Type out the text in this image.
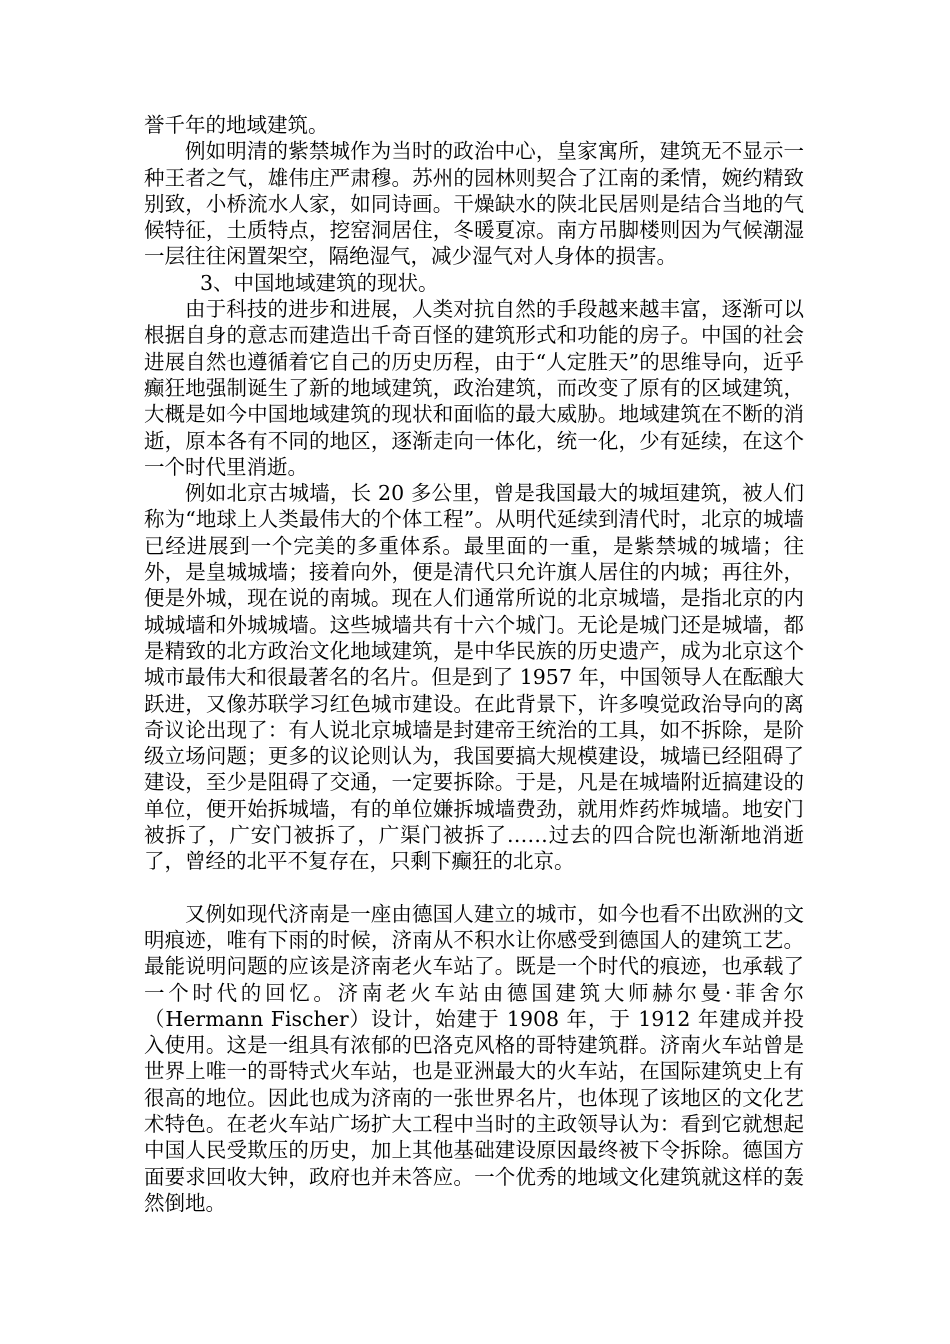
誉千年的地域建筑。

例如明清的紫禁城作为当时的政治中心，皇家寓所，建筑无不显示一种王者之气，雄伟庄严肃穆。苏州的园林则契合了江南的柔情，婉约精致别致，小桥流水人家，如同诗画。干燥缺水的陕北民居则是结合当地的气候特征，土质特点，挖窑洞居住，冬暖夏凉。南方吊脚楼则因为气候潮湿一层往往闲置架空，隔绝湿气，减少湿气对人身体的损害。

3、中国地域建筑的现状。

由于科技的进步和进展，人类对抗自然的手段越来越丰富，逐渐可以根据自身的意志而建造出千奇百怪的建筑形式和功能的房子。中国的社会进展自然也遵循着它自己的历史历程，由于“人定胜天”的思维导向，近乎癫狂地强制诞生了新的地域建筑，政治建筑，而改变了原有的区域建筑，大概是如今中国地域建筑的现状和面临的最大威胁。地域建筑在不断的消逝，原本各有不同的地区，逐渐走向一体化，统一化，少有延续，在这个一个时代里消逝。

例如北京古城墙，长 20 多公里，曾是我国最大的城垣建筑，被人们称为“地球上人类最伟大的个体工程”。从明代延续到清代时，北京的城墙已经进展到一个完美的多重体系。最里面的一重，是紫禁城的城墙；往外，是皇城城墙；接着向外，便是清代只允许旗人居住的内城；再往外，便是外城，现在说的南城。现在人们通常所说的北京城墙，是指北京的内城城墙和外城城墙。这些城墙共有十六个城门。无论是城门还是城墙，都是精致的北方政治文化地域建筑，是中华民族的历史遗产，成为北京这个城市最伟大和很最著名的名片。但是到了 1957 年，中国领导人在酝酿大跃进，又像苏联学习红色城市建设。在此背景下，许多嗅觉政治导向的离奇议论出现了：有人说北京城墙是封建帝王统治的工具，如不拆除，是阶级立场问题；更多的议论则认为，我国要搞大规模建设，城墙已经阻碍了建设，至少是阻碍了交通，一定要拆除。于是，凡是在城墙附近搞建设的单位，便开始拆城墙，有的单位嫌拆城墙费劲，就用炸药炸城墙。地安门被拆了，广安门被拆了，广渠门被拆了……过去的四合院也渐渐地消逝了，曾经的北平不复存在，只剩下癫狂的北京。

又例如现代济南是一座由德国人建立的城市，如今也看不出欧洲的文明痕迹，唯有下雨的时候，济南从不积水让你感受到德国人的建筑工艺。最能说明问题的应该是济南老火车站了。既是一个时代的痕迹，也承载了一个时代的回忆。济南老火车站由德国建筑大师赫尔曼·菲舍尔（Hermann Fischer）设计，始建于 1908 年，于 1912 年建成并投入使用。这是一组具有浓郁的巴洛克风格的哥特建筑群。济南火车站曾是世界上唯一的哥特式火车站，也是亚洲最大的火车站，在国际建筑史上有很高的地位。因此也成为济南的一张世界名片，也体现了该地区的文化艺术特色。在老火车站广场扩大工程中当时的主政领导认为：看到它就想起中国人民受欺压的历史，加上其他基础建设原因最终被下令拆除。德国方面要求回收大钟，政府也并未答应。一个优秀的地域文化建筑就这样的轰然倒地。
